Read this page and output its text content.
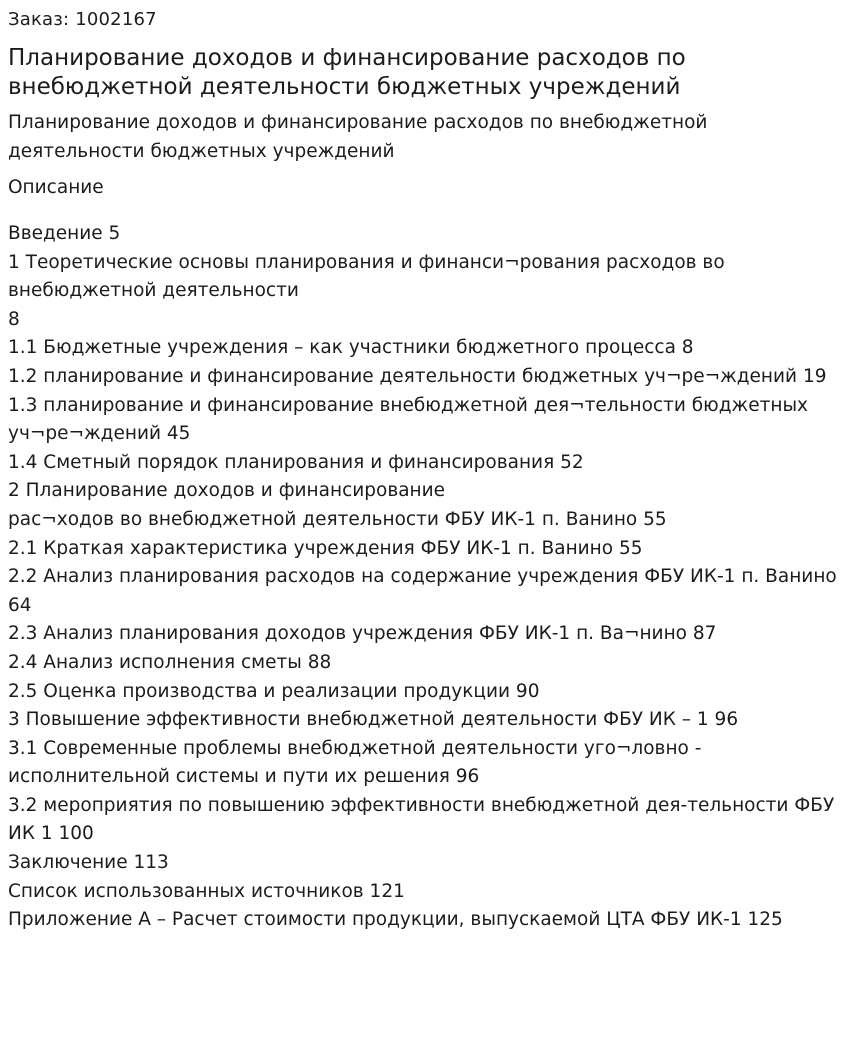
Заказ: 1002167
Планирование доходов и финансирование расходов по внебюджетной деятельности бюджетных учреждений
Планирование доходов и финансирование расходов по внебюджетной деятельности бюджетных учреждений
Описание
Введение 5
1 Теоретические основы планирования и финанси¬рования расходов во внебюджетной деятельности
8
1.1 Бюджетные учреждения – как участники бюджетного процесса 8
1.2 планирование и финансирование деятельности бюджетных уч¬ре¬ждений 19
1.3 планирование и финансирование внебюджетной дея¬тельности бюджетных уч¬ре¬ждений 45
1.4 Сметный порядок планирования и финансирования 52
2 Планирование доходов и финансирование
рас¬ходов во внебюджетной деятельности ФБУ ИК-1 п. Ванино 55
2.1 Краткая характеристика учреждения ФБУ ИК-1 п. Ванино 55
2.2 Анализ планирования расходов на содержание учреждения ФБУ ИК-1 п. Ванино 64
2.3 Анализ планирования доходов учреждения ФБУ ИК-1 п. Ва¬нино 87
2.4 Анализ исполнения сметы 88
2.5 Оценка производства и реализации продукции 90
3 Повышение эффективности внебюджетной деятельности ФБУ ИК – 1 96
3.1 Современные проблемы внебюджетной деятельности уго¬ловно - исполнительной системы и пути их решения 96
3.2 мероприятия по повышению эффективности внебюджетной дея-тельности ФБУ ИК 1 100
Заключение 113
Список использованных источников 121
Приложение А – Расчет стоимости продукции, выпускаемой ЦТА ФБУ ИК-1 125
